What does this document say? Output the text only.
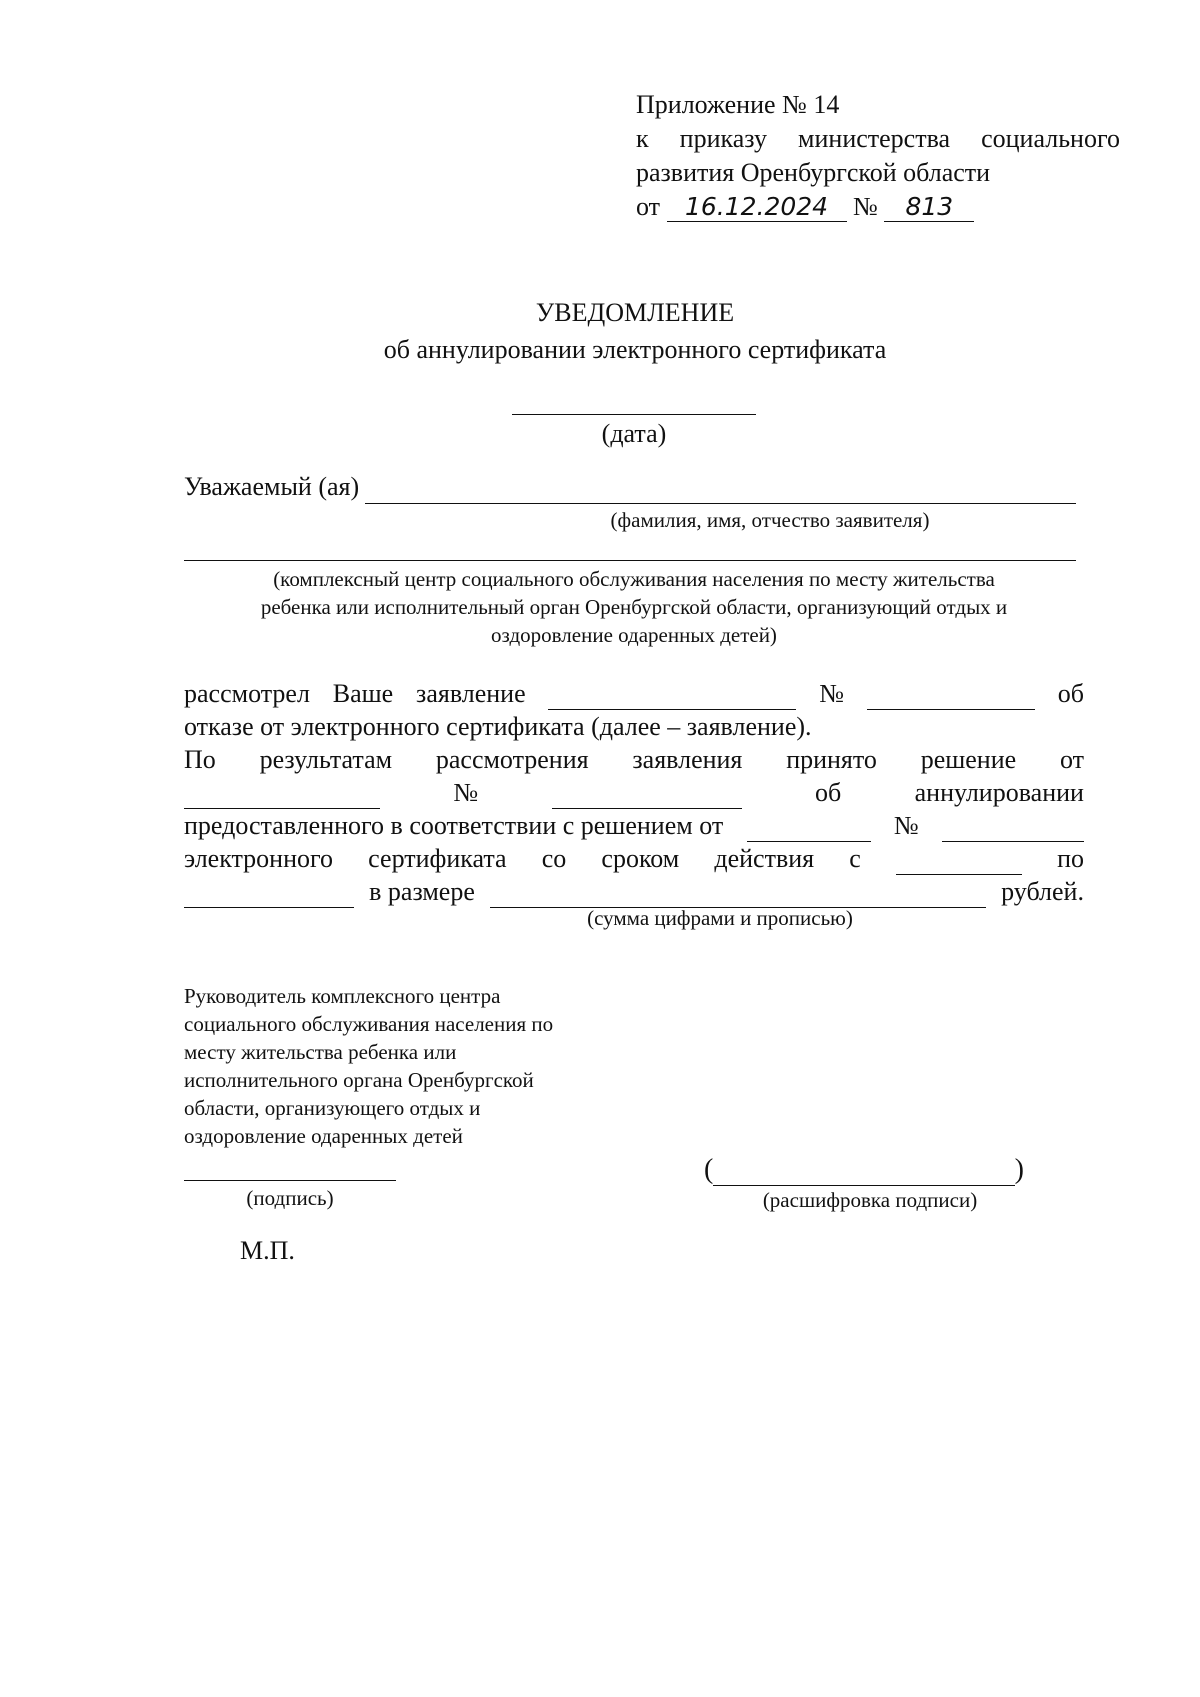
Приложение № 14
к приказу министерства социального
развития Оренбургской области
от 16.12.2024 № 813
УВЕДОМЛЕНИЕ
об аннулировании электронного сертификата
(дата)
Уважаемый (ая)
(фамилия, имя, отчество заявителя)
(комплексный центр социального обслуживания населения по месту жительства
ребенка или исполнительный орган Оренбургской области, организующий отдых и
оздоровление одаренных детей)
рассмотрел Ваше заявление	№	об
отказе от электронного сертификата (далее – заявление).
По результатам рассмотрения заявления принято решение от
№	об	аннулировании
предоставленного в соответствии с решением от	№
электронного сертификата со сроком действия с	по
в размере	рублей.
(сумма цифрами и прописью)
Руководитель комплексного центра
социального обслуживания населения по
месту жительства ребенка или
исполнительного органа Оренбургской
области, организующего отдых и
оздоровление одаренных детей
(подпись)
(	)
(расшифровка подписи)
М.П.
